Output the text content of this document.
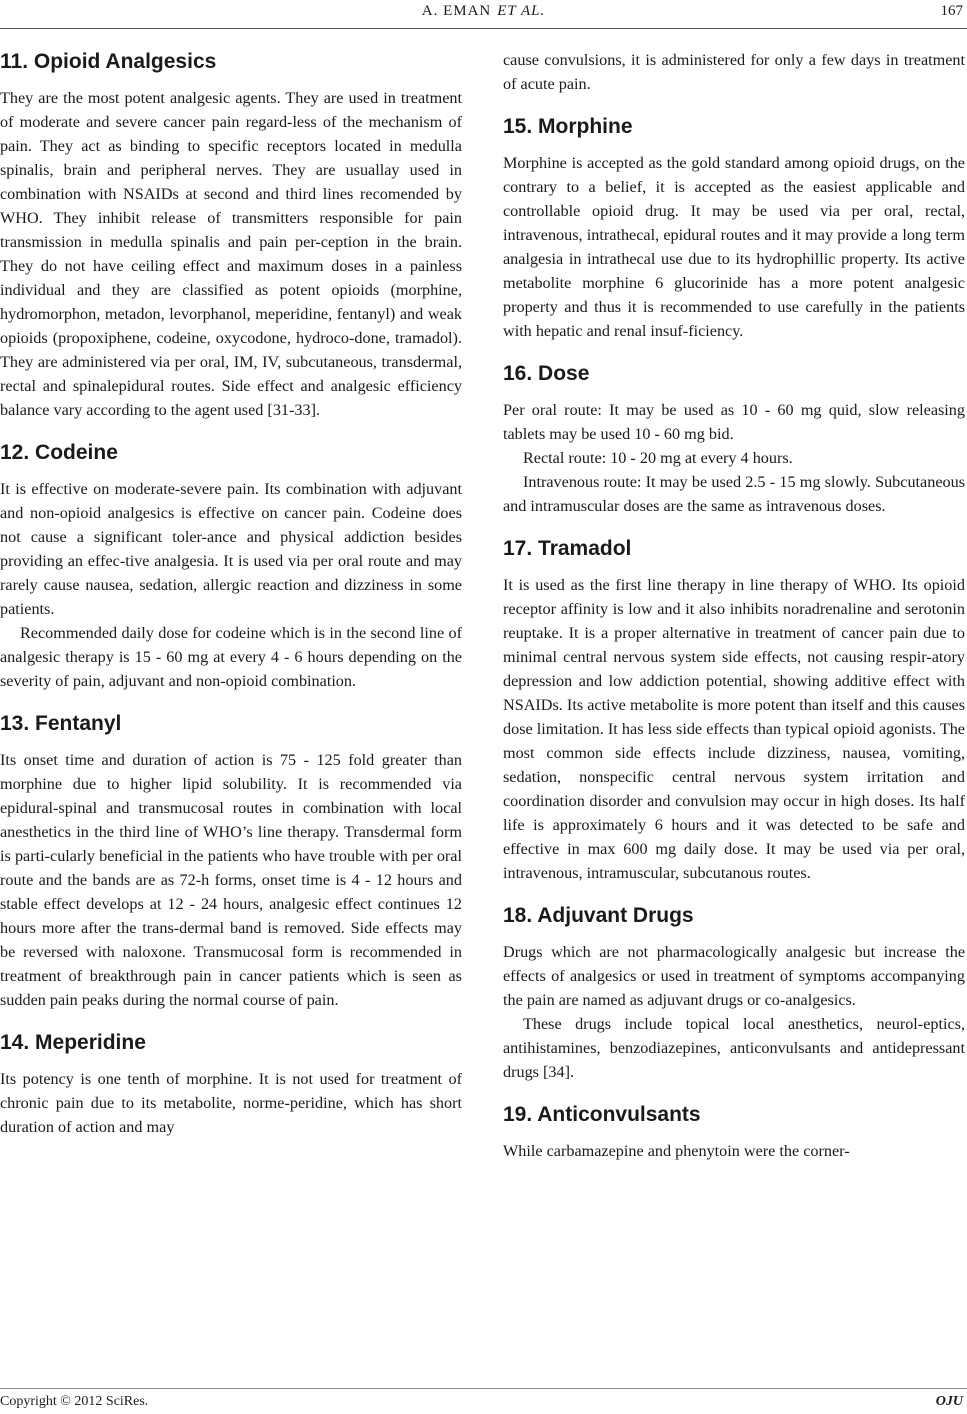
A. EMAN ET AL.	167
11. Opioid Analgesics

They are the most potent analgesic agents. They are used in treatment of moderate and severe cancer pain regard-less of the mechanism of pain. They act as binding to specific receptors located in medulla spinalis, brain and peripheral nerves. They are usuallay used in combination with NSAIDs at second and third lines recomended by WHO. They inhibit release of transmitters responsible for pain transmission in medulla spinalis and pain per-ception in the brain. They do not have ceiling effect and maximum doses in a painless individual and they are classified as potent opioids (morphine, hydromorphon, metadon, levorphanol, meperidine, fentanyl) and weak opioids (propoxiphene, codeine, oxycodone, hydroco-done, tramadol). They are administered via per oral, IM, IV, subcutaneous, transdermal, rectal and spinalepidural routes. Side effect and analgesic efficiency balance vary according to the agent used [31-33].

12. Codeine

It is effective on moderate-severe pain. Its combination with adjuvant and non-opioid analgesics is effective on cancer pain. Codeine does not cause a significant toler-ance and physical addiction besides providing an effec-tive analgesia. It is used via per oral route and may rarely cause nausea, sedation, allergic reaction and dizziness in some patients.

Recommended daily dose for codeine which is in the second line of analgesic therapy is 15 - 60 mg at every 4 - 6 hours depending on the severity of pain, adjuvant and non-opioid combination.

13. Fentanyl

Its onset time and duration of action is 75 - 125 fold greater than morphine due to higher lipid solubility. It is recommended via epidural-spinal and transmucosal routes in combination with local anesthetics in the third line of WHO’s line therapy. Transdermal form is parti-cularly beneficial in the patients who have trouble with per oral route and the bands are as 72-h forms, onset time is 4 - 12 hours and stable effect develops at 12 - 24 hours, analgesic effect continues 12 hours more after the trans-dermal band is removed. Side effects may be reversed with naloxone. Transmucosal form is recommended in treatment of breakthrough pain in cancer patients which is seen as sudden pain peaks during the normal course of pain.

14. Meperidine

Its potency is one tenth of morphine. It is not used for treatment of chronic pain due to its metabolite, norme-peridine, which has short duration of action and may

cause convulsions, it is administered for only a few days in treatment of acute pain.

15. Morphine

Morphine is accepted as the gold standard among opioid drugs, on the contrary to a belief, it is accepted as the easiest applicable and controllable opioid drug. It may be used via per oral, rectal, intravenous, intrathecal, epidural routes and it may provide a long term analgesia in intrathecal use due to its hydrophillic property. Its active metabolite morphine 6 glucorinide has a more potent analgesic property and thus it is recommended to use carefully in the patients with hepatic and renal insuf-ficiency.

16. Dose

Per oral route: It may be used as 10 - 60 mg quid, slow releasing tablets may be used 10 - 60 mg bid.

Rectal route: 10 - 20 mg at every 4 hours.

Intravenous route: It may be used 2.5 - 15 mg slowly. Subcutaneous and intramuscular doses are the same as intravenous doses.

17. Tramadol

It is used as the first line therapy in line therapy of WHO. Its opioid receptor affinity is low and it also inhibits noradrenaline and serotonin reuptake. It is a proper alternative in treatment of cancer pain due to minimal central nervous system side effects, not causing respir-atory depression and low addiction potential, showing additive effect with NSAIDs. Its active metabolite is more potent than itself and this causes dose limitation. It has less side effects than typical opioid agonists. The most common side effects include dizziness, nausea, vomiting, sedation, nonspecific central nervous system irritation and coordination disorder and convulsion may occur in high doses. Its half life is approximately 6 hours and it was detected to be safe and effective in max 600 mg daily dose. It may be used via per oral, intravenous, intramuscular, subcutanous routes.

18. Adjuvant Drugs

Drugs which are not pharmacologically analgesic but increase the effects of analgesics or used in treatment of symptoms accompanying the pain are named as adjuvant drugs or co-analgesics.

These drugs include topical local anesthetics, neurol-eptics, antihistamines, benzodiazepines, anticonvulsants and antidepressant drugs [34].

19. Anticonvulsants

While carbamazepine and phenytoin were the corner-

Copyright © 2012 SciRes.	OJU
